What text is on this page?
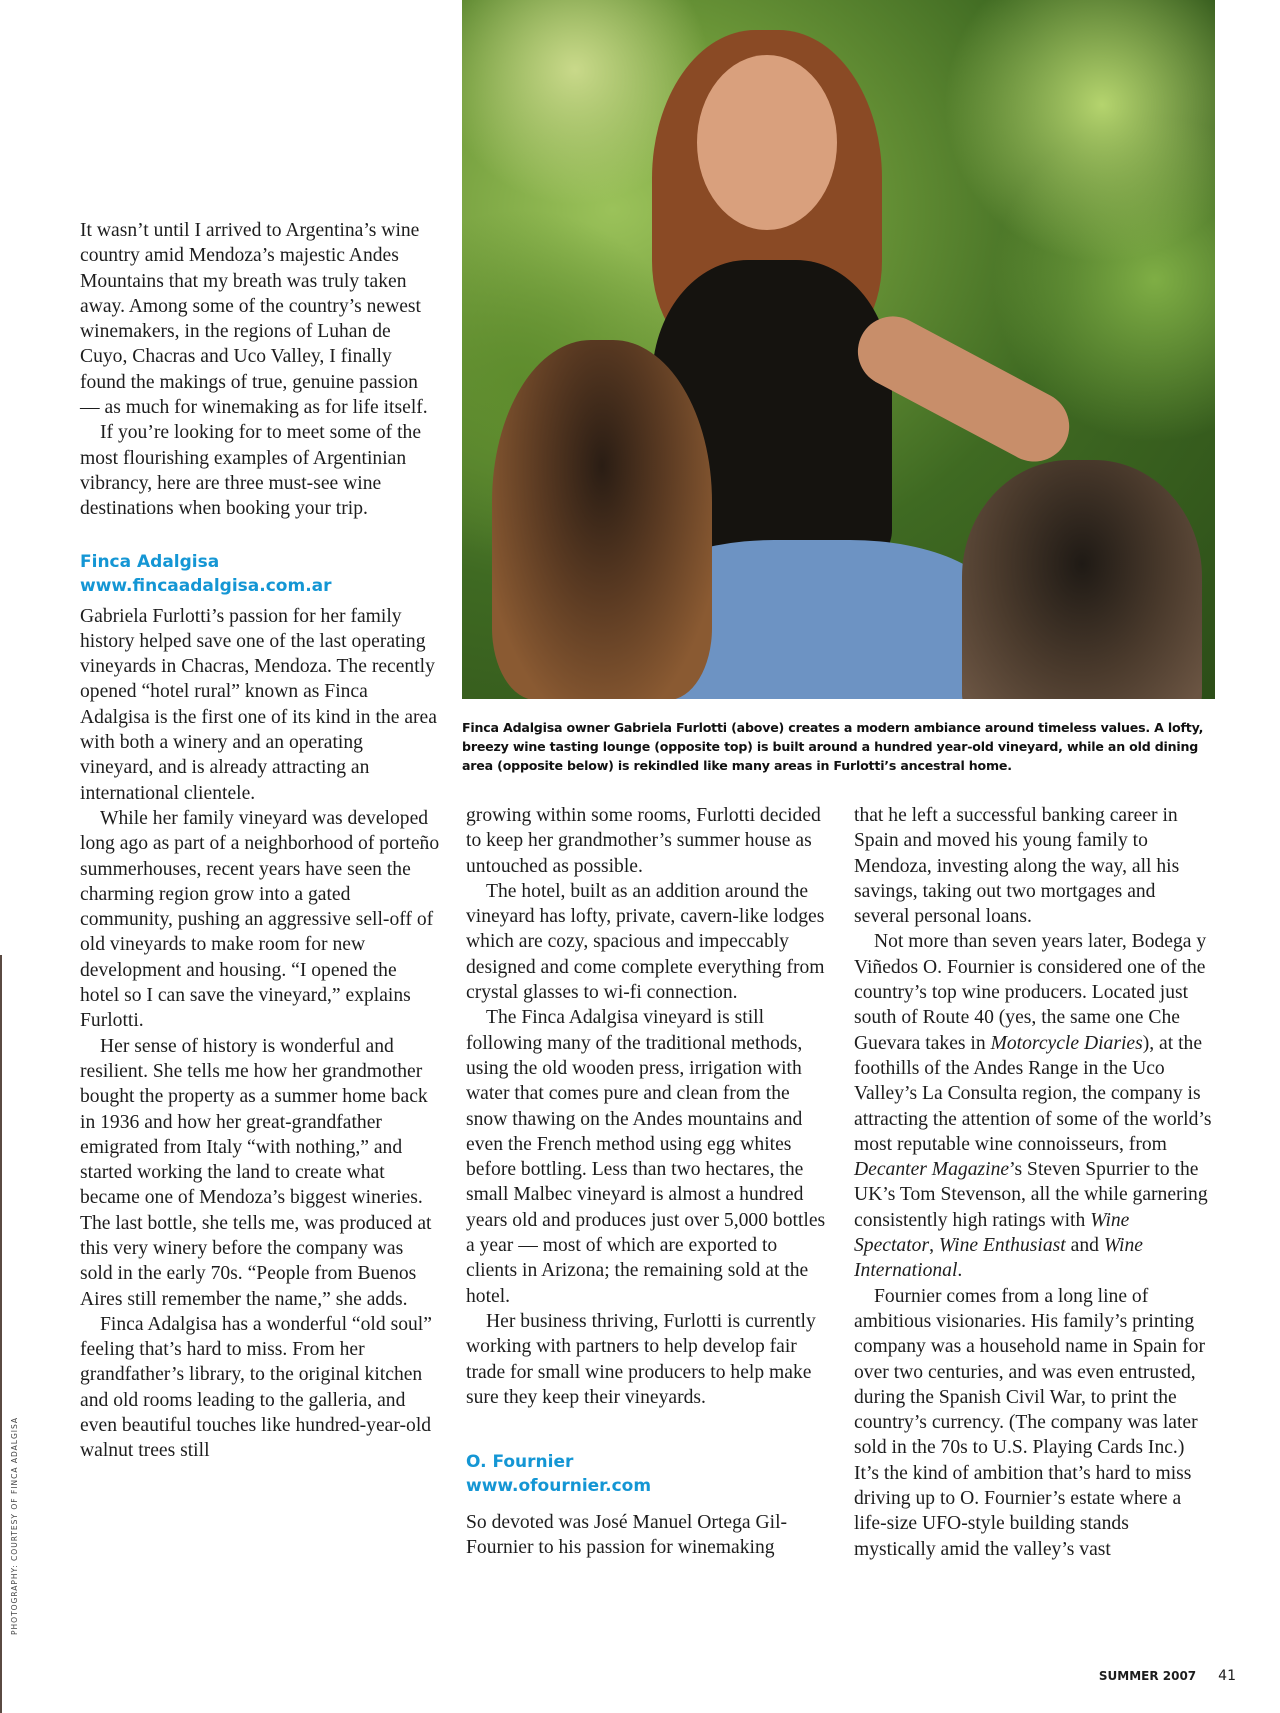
Finca Adalgisa owner Gabriela Furlotti (above) creates a modern ambiance around timeless values. A lofty, breezy wine tasting lounge (opposite top) is built around a hundred year-old vineyard, while an old dining area (opposite below) is rekindled like many areas in Furlotti’s ancestral home.

It wasn’t until I arrived to Argentina’s wine country amid Mendoza’s majestic Andes Mountains that my breath was truly taken away. Among some of the country’s newest winemakers, in the regions of Luhan de Cuyo, Chacras and Uco Valley, I finally found the makings of true, genuine passion — as much for winemaking as for life itself.

If you’re looking for to meet some of the most flourishing examples of Argentinian vibrancy, here are three must-see wine destinations when booking your trip.

Finca Adalgisa
www.fincaadalgisa.com.ar

Gabriela Furlotti’s passion for her family history helped save one of the last operating vineyards in Chacras, Mendoza. The recently opened “hotel rural” known as Finca Adalgisa is the first one of its kind in the area with both a winery and an operating vineyard, and is already attracting an international clientele.

While her family vineyard was developed long ago as part of a neighborhood of porteño summerhouses, recent years have seen the charming region grow into a gated community, pushing an aggressive sell-off of old vineyards to make room for new development and housing. “I opened the hotel so I can save the vineyard,” explains Furlotti.

Her sense of history is wonderful and resilient. She tells me how her grandmother bought the property as a summer home back in 1936 and how her great-grandfather emigrated from Italy “with nothing,” and started working the land to create what became one of Mendoza’s biggest wineries. The last bottle, she tells me, was produced at this very winery before the company was sold in the early 70s. “People from Buenos Aires still remember the name,” she adds.

Finca Adalgisa has a wonderful “old soul” feeling that’s hard to miss. From her grandfather’s library, to the original kitchen and old rooms leading to the galleria, and even beautiful touches like hundred-year-old walnut trees still

growing within some rooms, Furlotti decided to keep her grandmother’s summer house as untouched as possible.

The hotel, built as an addition around the vineyard has lofty, private, cavern-like lodges which are cozy, spacious and impeccably designed and come complete everything from crystal glasses to wi-fi connection.

The Finca Adalgisa vineyard is still following many of the traditional methods, using the old wooden press, irrigation with water that comes pure and clean from the snow thawing on the Andes mountains and even the French method using egg whites before bottling. Less than two hectares, the small Malbec vineyard is almost a hundred years old and produces just over 5,000 bottles a year — most of which are exported to clients in Arizona; the remaining sold at the hotel.

Her business thriving, Furlotti is currently working with partners to help develop fair trade for small wine producers to help make sure they keep their vineyards.

O. Fournier
www.ofournier.com

So devoted was José Manuel Ortega Gil-Fournier to his passion for winemaking

that he left a successful banking career in Spain and moved his young family to Mendoza, investing along the way, all his savings, taking out two mortgages and several personal loans.

Not more than seven years later, Bodega y Viñedos O. Fournier is considered one of the country’s top wine producers. Located just south of Route 40 (yes, the same one Che Guevara takes in Motorcycle Diaries), at the foothills of the Andes Range in the Uco Valley’s La Consulta region, the company is attracting the attention of some of the world’s most reputable wine connoisseurs, from Decanter Magazine’s Steven Spurrier to the UK’s Tom Stevenson, all the while garnering consistently high ratings with Wine Spectator, Wine Enthusiast and Wine International.

Fournier comes from a long line of ambitious visionaries. His family’s printing company was a household name in Spain for over two centuries, and was even entrusted, during the Spanish Civil War, to print the country’s currency. (The company was later sold in the 70s to U.S. Playing Cards Inc.) It’s the kind of ambition that’s hard to miss driving up to O. Fournier’s estate where a life-size UFO-style building stands mystically amid the valley’s vast

PHOTOGRAPHY: COURTESY OF FINCA ADALGISA
SUMMER 2007 41
